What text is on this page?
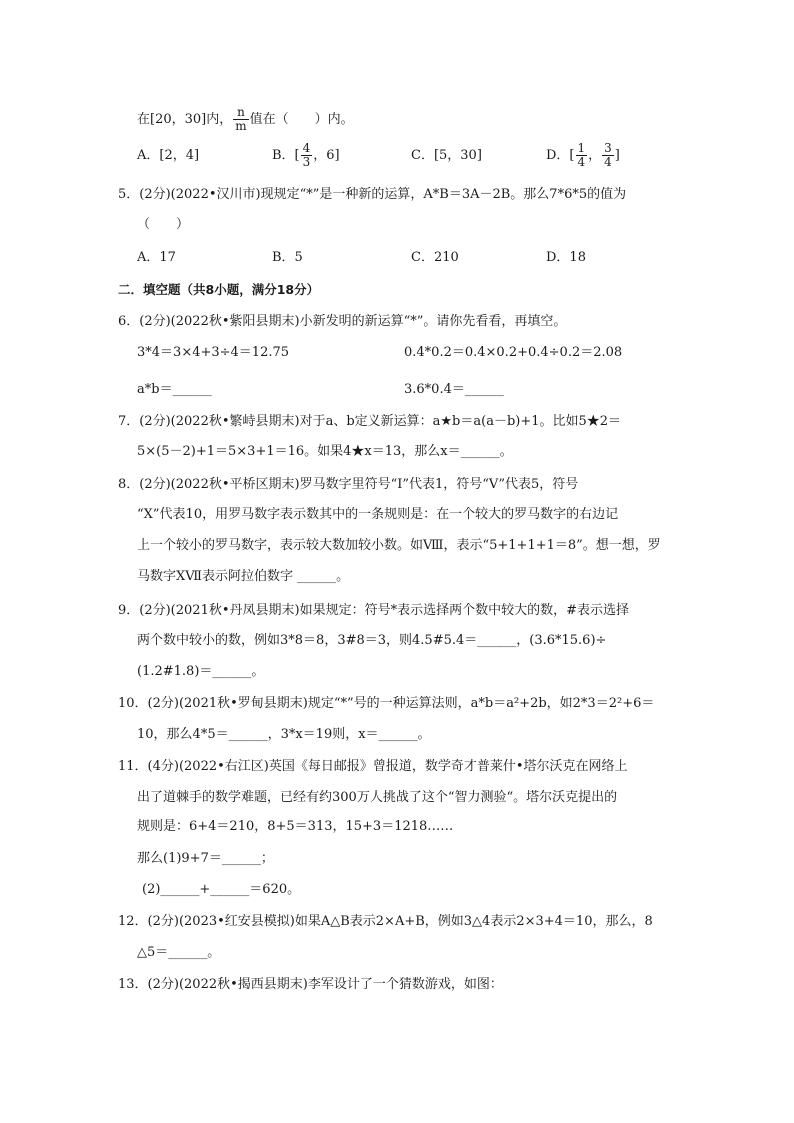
在[20，30]内， $\frac{n}{m}$ 值在（　　）内。
A．[2，4]	B．[ $\frac{4}{3}$ ，6]	C．[5，30]	D．[ $\frac{1}{4}$ ， $\frac{3}{4}$ ]
5．(2分)(2022•汉川市)现规定“*”是一种新的运算，A*B＝3A－2B。那么7*6*5的值为
（　　）
A．17	B．5	C．210	D．18
二．填空题（共8小题，满分18分）
6．(2分)(2022秋•紫阳县期末)小新发明的新运算“*”。请你先看看，再填空。
3*4＝3×4+3÷4＝12.75	0.4*0.2＝0.4×0.2+0.4÷0.2＝2.08
a*b＝______	3.6*0.4＝______
7．(2分)(2022秋•繁峙县期末)对于a、b定义新运算：a★b＝a(a－b)+1。比如5★2＝
5×(5－2)+1＝5×3+1＝16。如果4★x＝13，那么x＝______。
8．(2分)(2022秋•平桥区期末)罗马数字里符号“Ⅰ”代表1，符号“Ⅴ”代表5，符号
“Ⅹ”代表10，用罗马数字表示数其中的一条规则是：在一个较大的罗马数字的右边记
上一个较小的罗马数字，表示较大数加较小数。如Ⅷ，表示“5+1+1+1＝8”。想一想，罗
马数字ⅩⅦ表示阿拉伯数字 ______。
9．(2分)(2021秋•丹凤县期末)如果规定：符号*表示选择两个数中较大的数，#表示选择
两个数中较小的数，例如3*8＝8，3#8＝3，则4.5#5.4＝______，(3.6*15.6)÷
(1.2#1.8)＝______。
10．(2分)(2021秋•罗甸县期末)规定“*”号的一种运算法则，a*b＝a²+2b，如2*3＝2²+6＝
10，那么4*5＝______，3*x＝19则，x＝______。
11．(4分)(2022•右江区)英国《每日邮报》曾报道，数学奇才普莱什•塔尔沃克在网络上
出了道棘手的数学难题，已经有约300万人挑战了这个“智力测验“。塔尔沃克提出的
规则是：6+4＝210，8+5＝313，15+3＝1218……
那么(1)9+7＝______；
(2)______+______＝620。
12．(2分)(2023•红安县模拟)如果A△B表示2×A+B，例如3△4表示2×3+4＝10，那么，8
△5＝______。
13．(2分)(2022秋•揭西县期末)李军设计了一个猜数游戏，如图：
